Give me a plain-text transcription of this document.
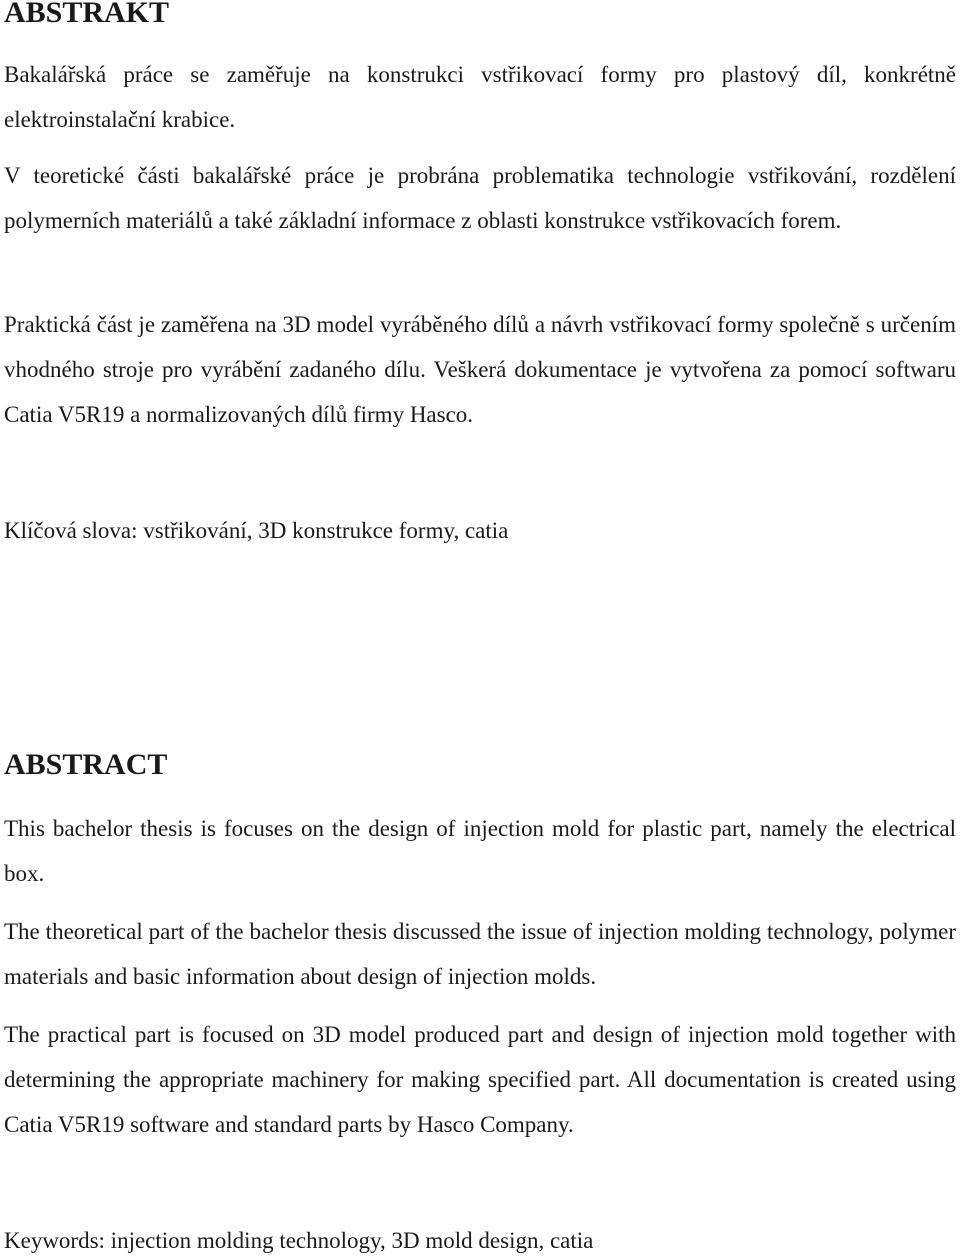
ABSTRAKT

Bakalářská práce se zaměřuje na konstrukci vstřikovací formy pro plastový díl, konkrétně elektroinstalační krabice.

V teoretické části bakalářské práce je probrána problematika technologie vstřikování, rozdělení polymerních materiálů a také základní informace z oblasti konstrukce vstřikovacích forem.

Praktická část je zaměřena na 3D model vyráběného dílů a návrh vstřikovací formy společně s určením vhodného stroje pro vyrábění zadaného dílu. Veškerá dokumentace je vytvořena za pomocí softwaru Catia V5R19 a normalizovaných dílů firmy Hasco.

Klíčová slova: vstřikování, 3D konstrukce formy, catia

ABSTRACT

This bachelor thesis is focuses on the design of injection mold for plastic part, namely the electrical box.

The theoretical part of the bachelor thesis discussed the issue of injection molding technology, polymer materials and basic information about design of injection molds.

The practical part is focused on 3D model produced part and design of injection mold together with determining the appropriate machinery for making specified part. All documentation is created using Catia V5R19 software and standard parts by Hasco Company.

Keywords: injection molding technology, 3D mold design, catia
